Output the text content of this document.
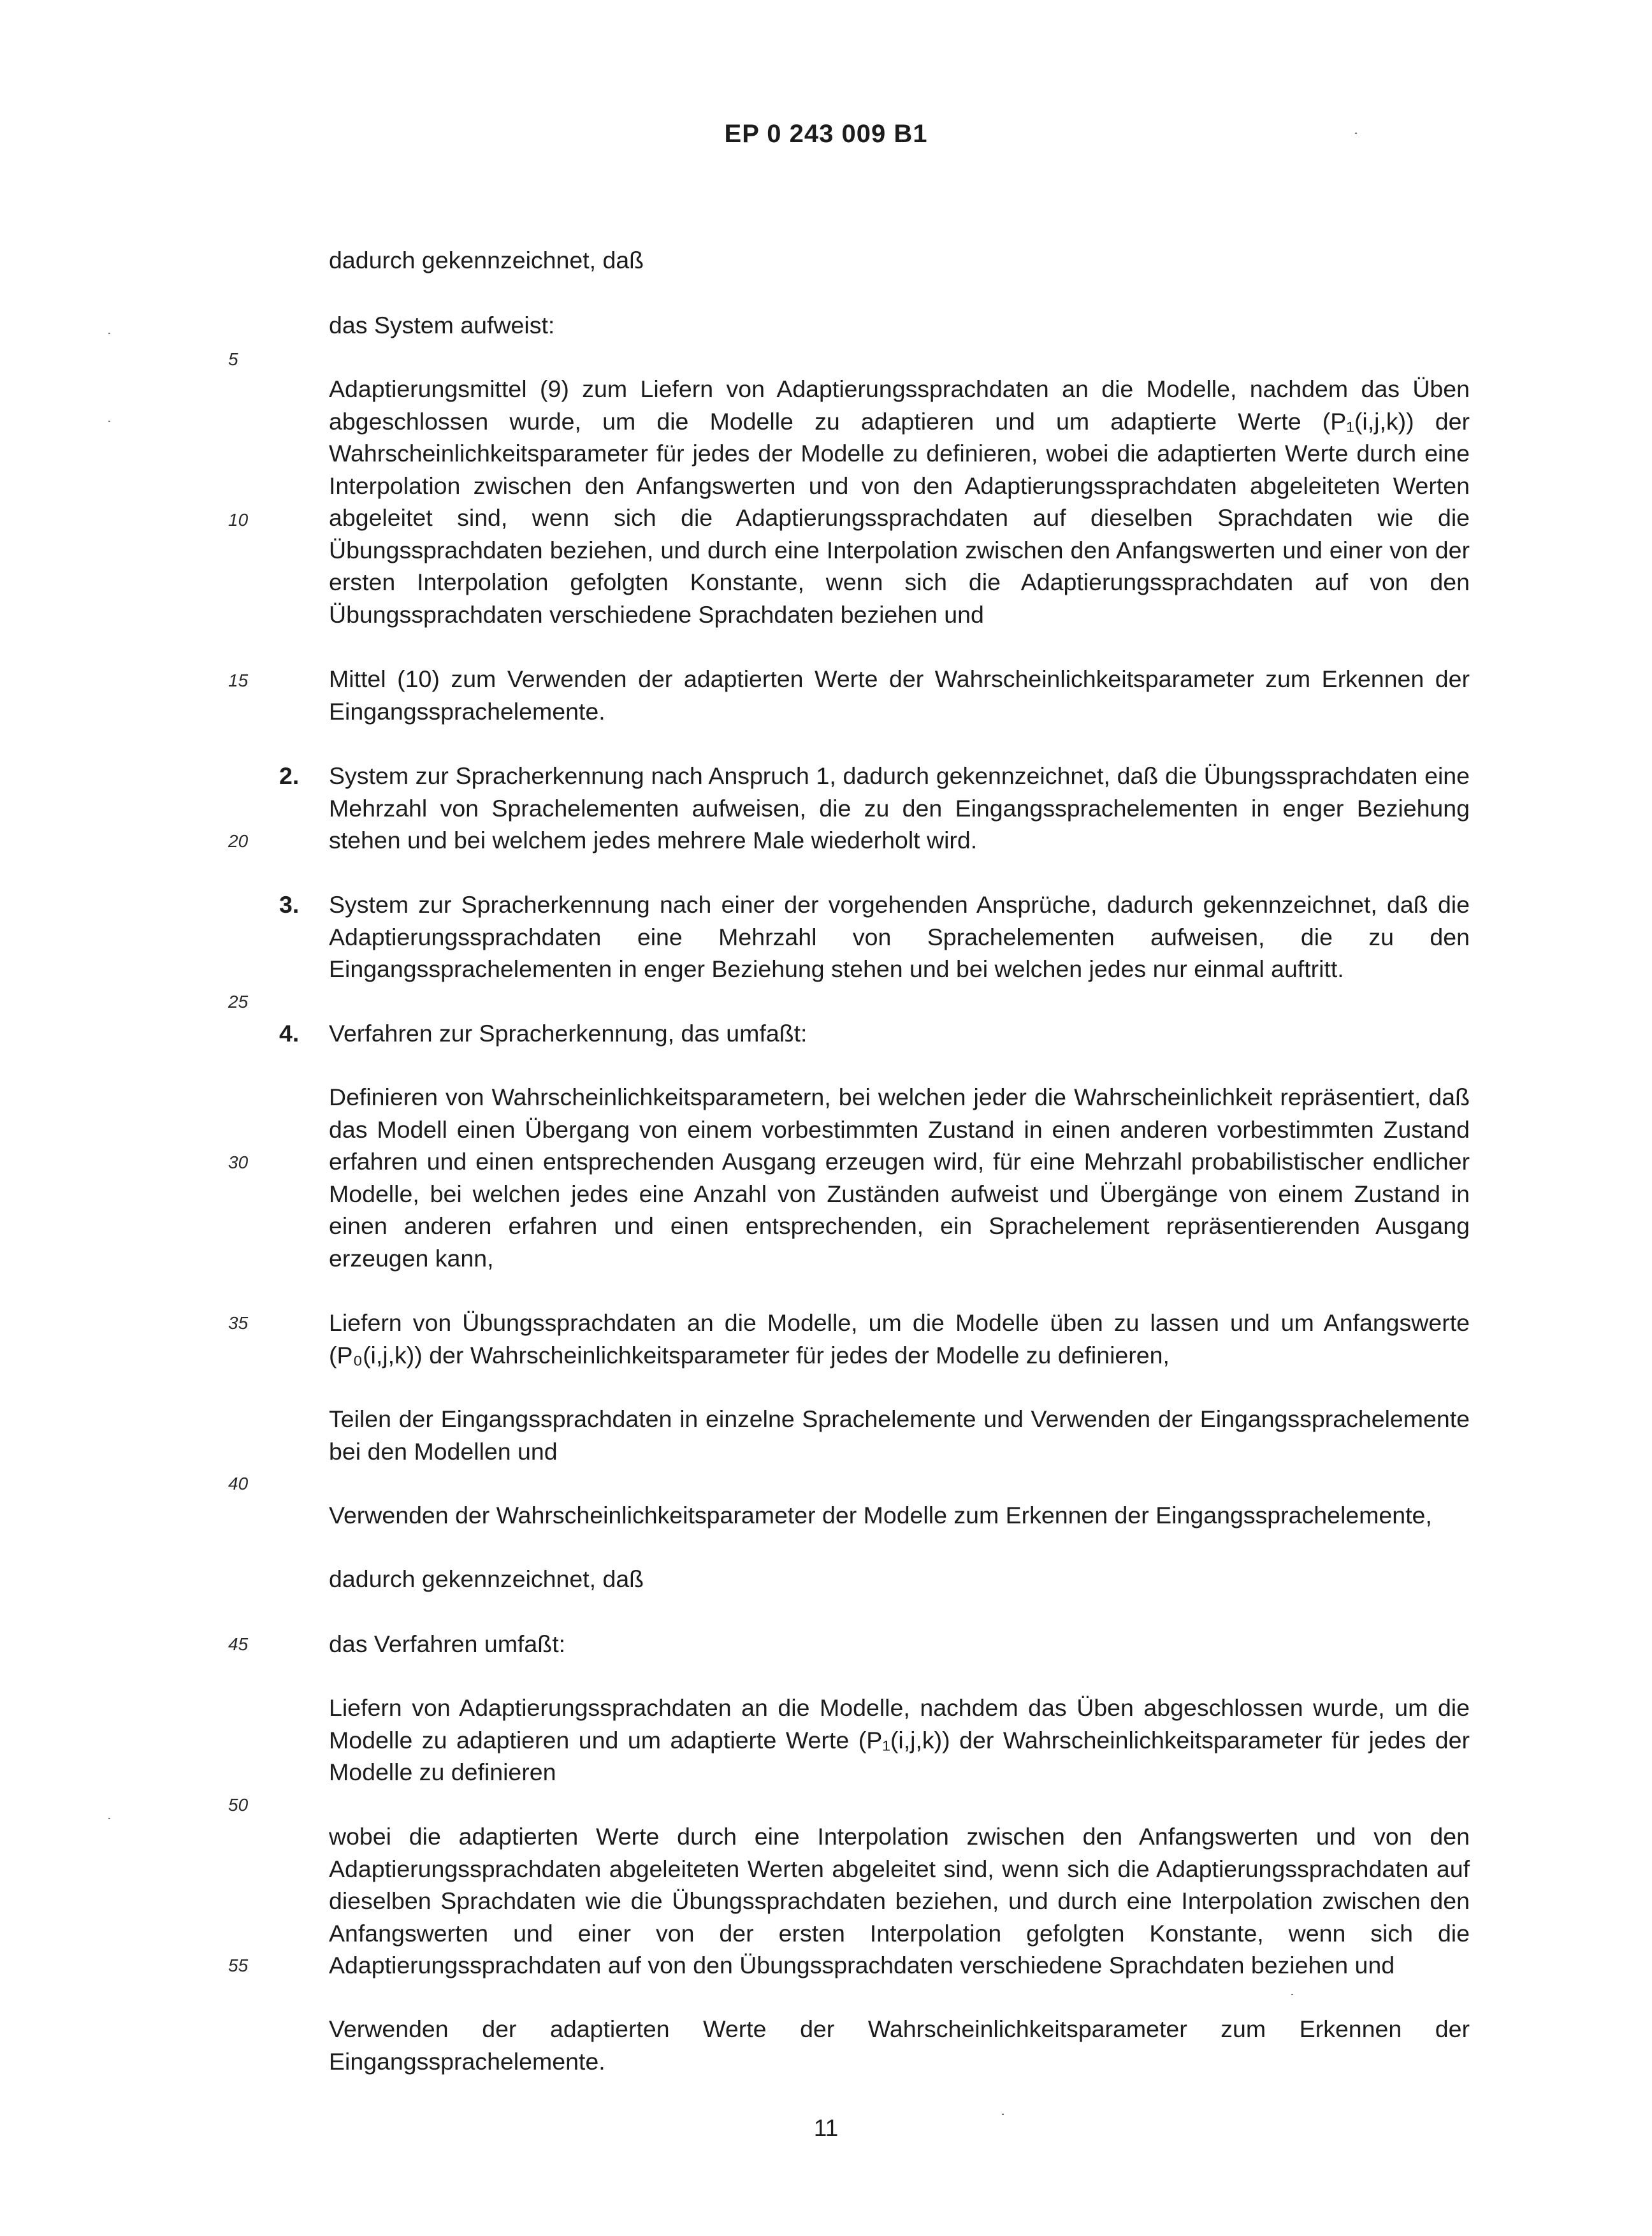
EP 0 243 009 B1
5
10
15
20
25
30
35
40
45
50
55
2.
3.
4.
dadurch gekennzeichnet, daß
das System aufweist:
Adaptierungsmittel (9) zum Liefern von Adaptierungssprachdaten an die Modelle, nachdem das Üben abgeschlossen wurde, um die Modelle zu adaptieren und um adaptierte Werte (P₁(i,j,k)) der Wahrscheinlichkeitsparameter für jedes der Modelle zu definieren, wobei die adaptierten Werte durch eine Interpolation zwischen den Anfangswerten und von den Adaptierungssprachdaten abgeleiteten Werten abgeleitet sind, wenn sich die Adaptierungssprachdaten auf dieselben Sprachdaten wie die Übungssprachdaten beziehen, und durch eine Interpolation zwischen den Anfangswerten und einer von der ersten Interpolation gefolgten Konstante, wenn sich die Adaptierungssprachdaten auf von den Übungssprachdaten verschiedene Sprachdaten beziehen und
Mittel (10) zum Verwenden der adaptierten Werte der Wahrscheinlichkeitsparameter zum Erkennen der Eingangssprachelemente.
System zur Spracherkennung nach Anspruch 1, dadurch gekennzeichnet, daß die Übungssprachdaten eine Mehrzahl von Sprachelementen aufweisen, die zu den Eingangssprachelementen in enger Beziehung stehen und bei welchem jedes mehrere Male wiederholt wird.
System zur Spracherkennung nach einer der vorgehenden Ansprüche, dadurch gekennzeichnet, daß die Adaptierungssprachdaten eine Mehrzahl von Sprachelementen aufweisen, die zu den Eingangssprachelementen in enger Beziehung stehen und bei welchen jedes nur einmal auftritt.
Verfahren zur Spracherkennung, das umfaßt:
Definieren von Wahrscheinlichkeitsparametern, bei welchen jeder die Wahrscheinlichkeit repräsentiert, daß das Modell einen Übergang von einem vorbestimmten Zustand in einen anderen vorbestimmten Zustand erfahren und einen entsprechenden Ausgang erzeugen wird, für eine Mehrzahl probabilistischer endlicher Modelle, bei welchen jedes eine Anzahl von Zuständen aufweist und Übergänge von einem Zustand in einen anderen erfahren und einen entsprechenden, ein Sprachelement repräsentierenden Ausgang erzeugen kann,
Liefern von Übungssprachdaten an die Modelle, um die Modelle üben zu lassen und um Anfangswerte (P₀(i,j,k)) der Wahrscheinlichkeitsparameter für jedes der Modelle zu definieren,
Teilen der Eingangssprachdaten in einzelne Sprachelemente und Verwenden der Eingangssprachelemente bei den Modellen und
Verwenden der Wahrscheinlichkeitsparameter der Modelle zum Erkennen der Eingangssprachelemente,
dadurch gekennzeichnet, daß
das Verfahren umfaßt:
Liefern von Adaptierungssprachdaten an die Modelle, nachdem das Üben abgeschlossen wurde, um die Modelle zu adaptieren und um adaptierte Werte (P₁(i,j,k)) der Wahrscheinlichkeitsparameter für jedes der Modelle zu definieren
wobei die adaptierten Werte durch eine Interpolation zwischen den Anfangswerten und von den Adaptierungssprachdaten abgeleiteten Werten abgeleitet sind, wenn sich die Adaptierungssprachdaten auf dieselben Sprachdaten wie die Übungssprachdaten beziehen, und durch eine Interpolation zwischen den Anfangswerten und einer von der ersten Interpolation gefolgten Konstante, wenn sich die Adaptierungssprachdaten auf von den Übungssprachdaten verschiedene Sprachdaten beziehen und
Verwenden der adaptierten Werte der Wahrscheinlichkeitsparameter zum Erkennen der Eingangssprachelemente.
11
